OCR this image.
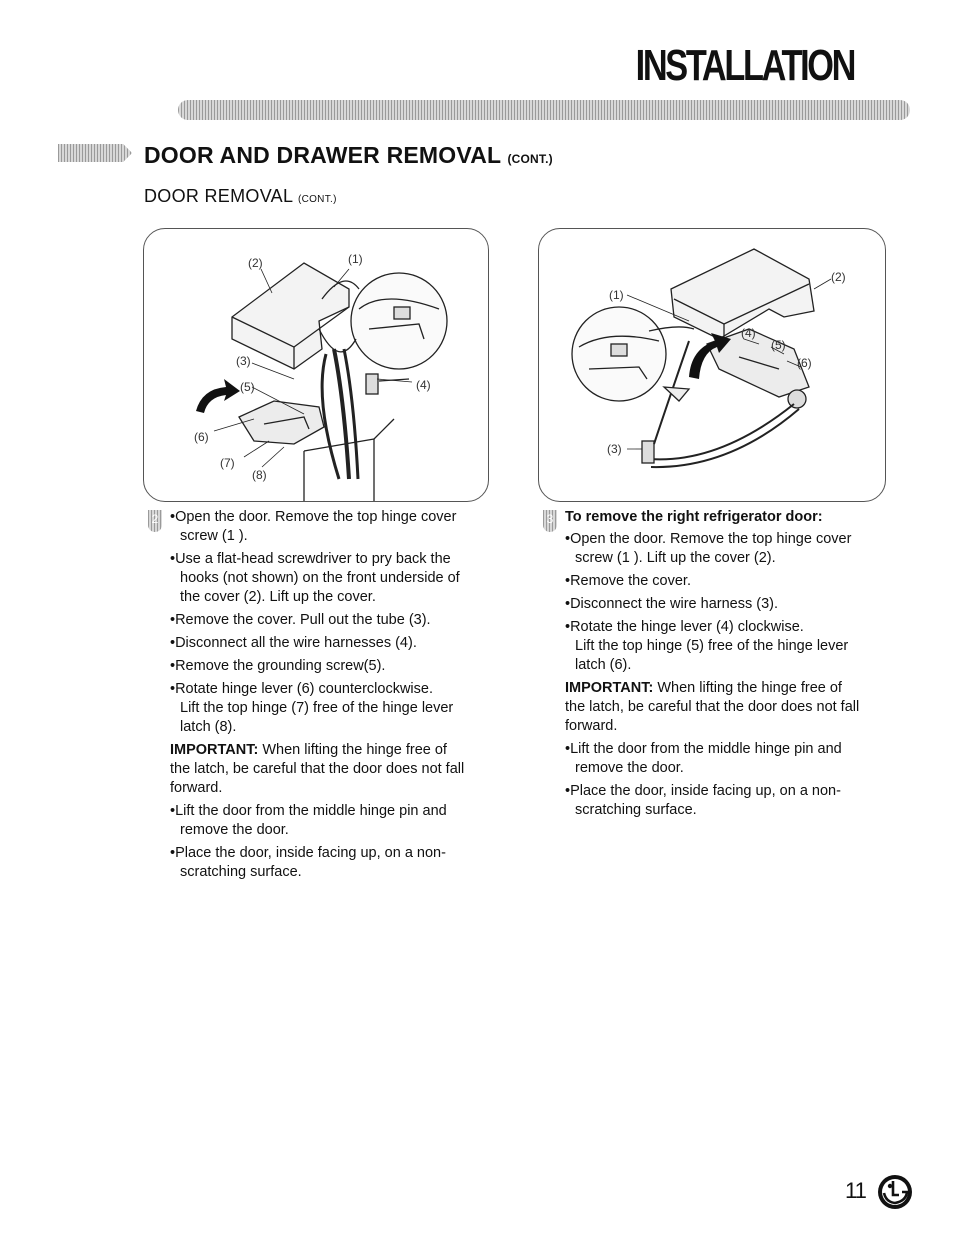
INSTALLATION
DOOR AND DRAWER REMOVAL (CONT.)
DOOR REMOVAL (CONT.)
(2)	(1)
(3)
(5)	(4)
(6)
(7)
(8)
(1)
(2)
(4)
(5)
(6)
(3)
2
•	Open the door. Remove the top hinge cover
screw (1 ).
• Use a flat-head screwdriver to pry back the
hooks (not shown) on the front underside of
the cover (2). Lift up the cover.
• Remove the cover. Pull out the tube (3).
• Disconnect all the wire harnesses (4).
• Remove the grounding screw(5).
• Rotate hinge lever (6) counterclockwise.
Lift the top hinge (7) free of the hinge lever
latch (8).
IMPORTANT: When lifting the hinge free of
the latch, be careful that the door does not fall
forward.
• Lift the door from the middle hinge pin and
remove the door.
• Place the door, inside facing up, on a non-
scratching surface.
3 To remove the right refrigerator door:
• Open the door. Remove the top hinge cover
screw (1 ). Lift up the cover (2).
• Remove the cover.
• Disconnect the wire harness (3).
• Rotate the hinge lever (4) clockwise.
Lift the top hinge (5) free of the hinge lever
latch (6).
IMPORTANT: When lifting the hinge free of
the latch, be careful that the door does not fall
forward.
• Lift the door from the middle hinge pin and
remove the door.
• Place the door, inside facing up, on a non-
scratching surface.
11
